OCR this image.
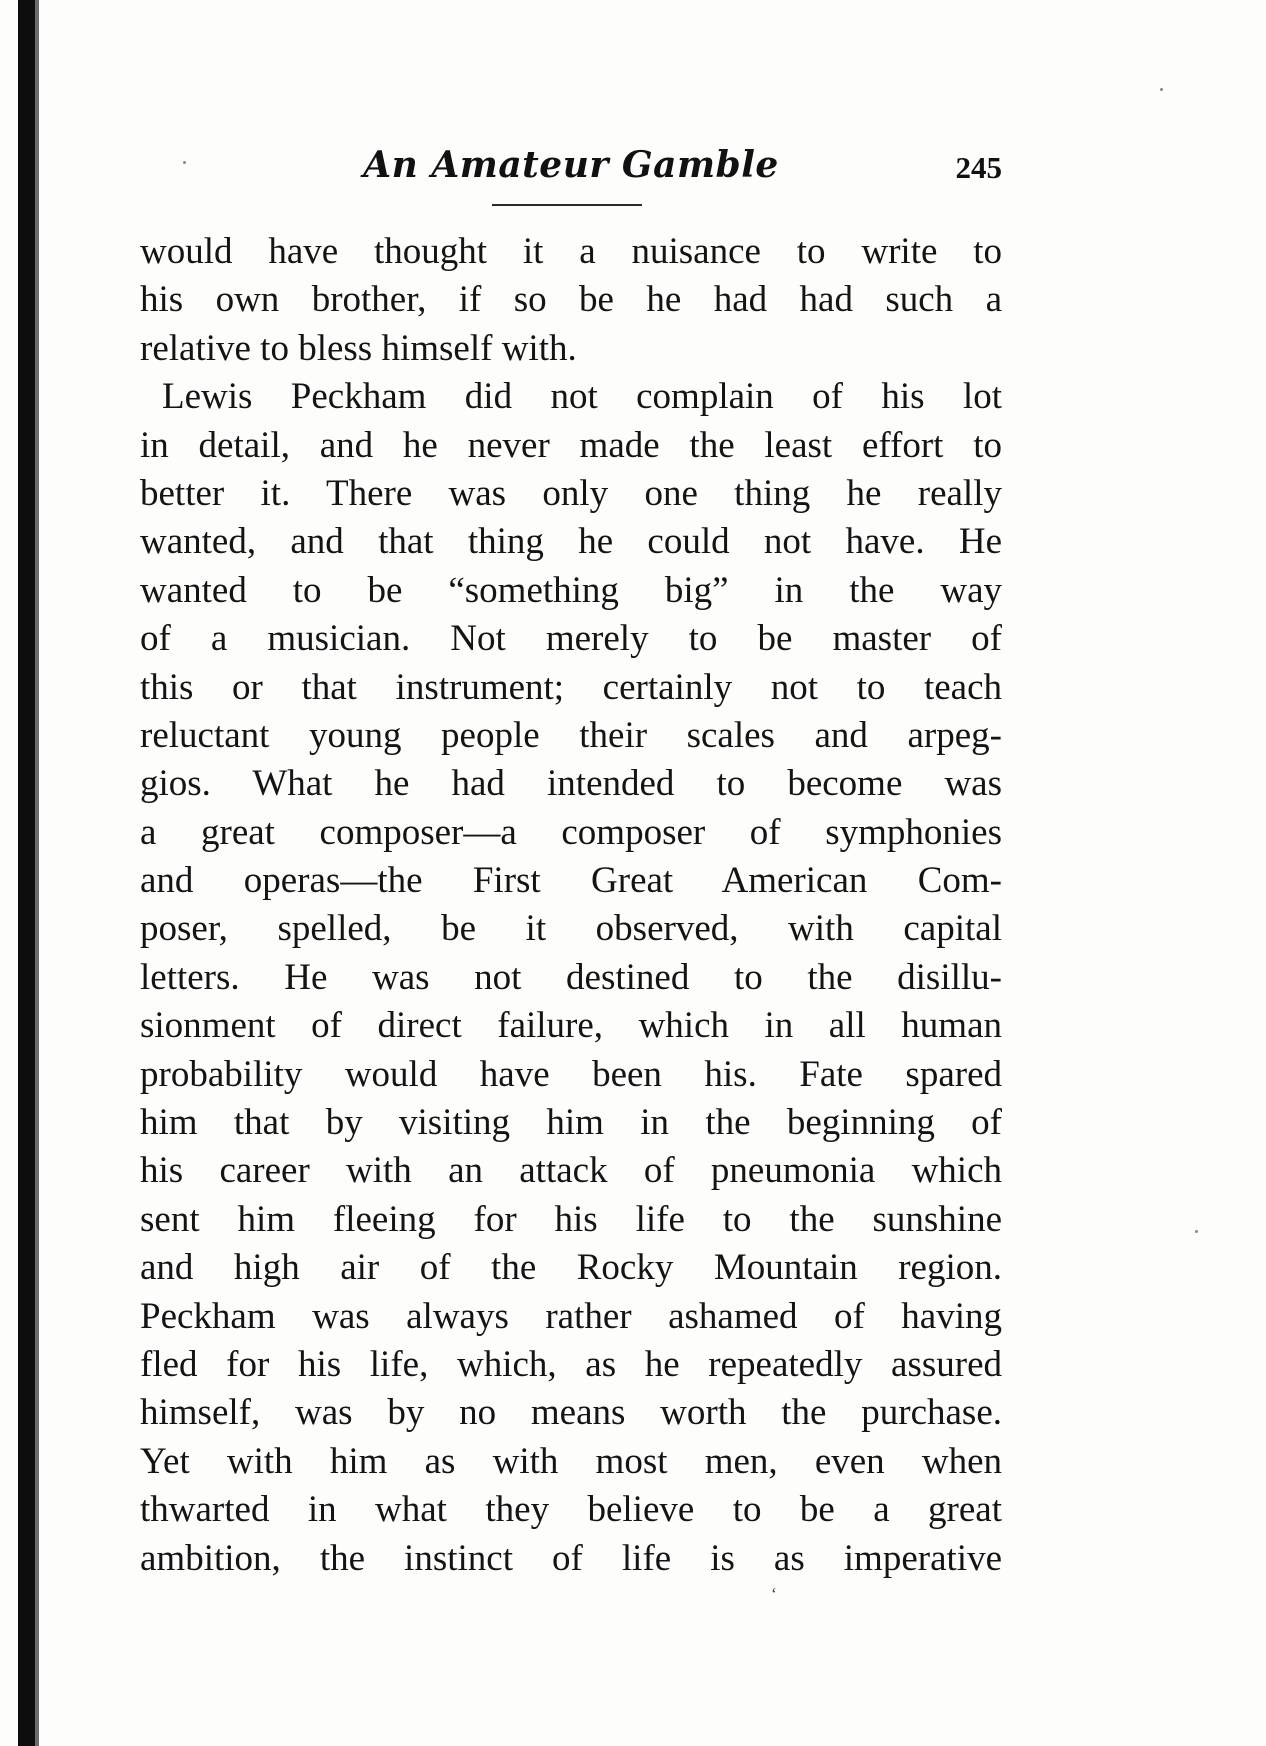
An Amateur Gamble	245
would have thought it a nuisance to write to
his own brother, if so be he had had such a
relative to bless himself with.
Lewis Peckham did not complain of his lot
in detail, and he never made the least effort to
better it. There was only one thing he really
wanted, and that thing he could not have. He
wanted to be “something big” in the way
of a musician. Not merely to be master of
this or that instrument; certainly not to teach
reluctant young people their scales and arpeg-
gios. What he had intended to become was
a great composer—a composer of symphonies
and operas—the First Great American Com-
poser, spelled, be it observed, with capital
letters. He was not destined to the disillu-
sionment of direct failure, which in all human
probability would have been his. Fate spared
him that by visiting him in the beginning of
his career with an attack of pneumonia which
sent him fleeing for his life to the sunshine
and high air of the Rocky Mountain region.
Peckham was always rather ashamed of having
fled for his life, which, as he repeatedly assured
himself, was by no means worth the purchase.
Yet with him as with most men, even when
thwarted in what they believe to be a great
ambition, the instinct of life is as imperative
‘
